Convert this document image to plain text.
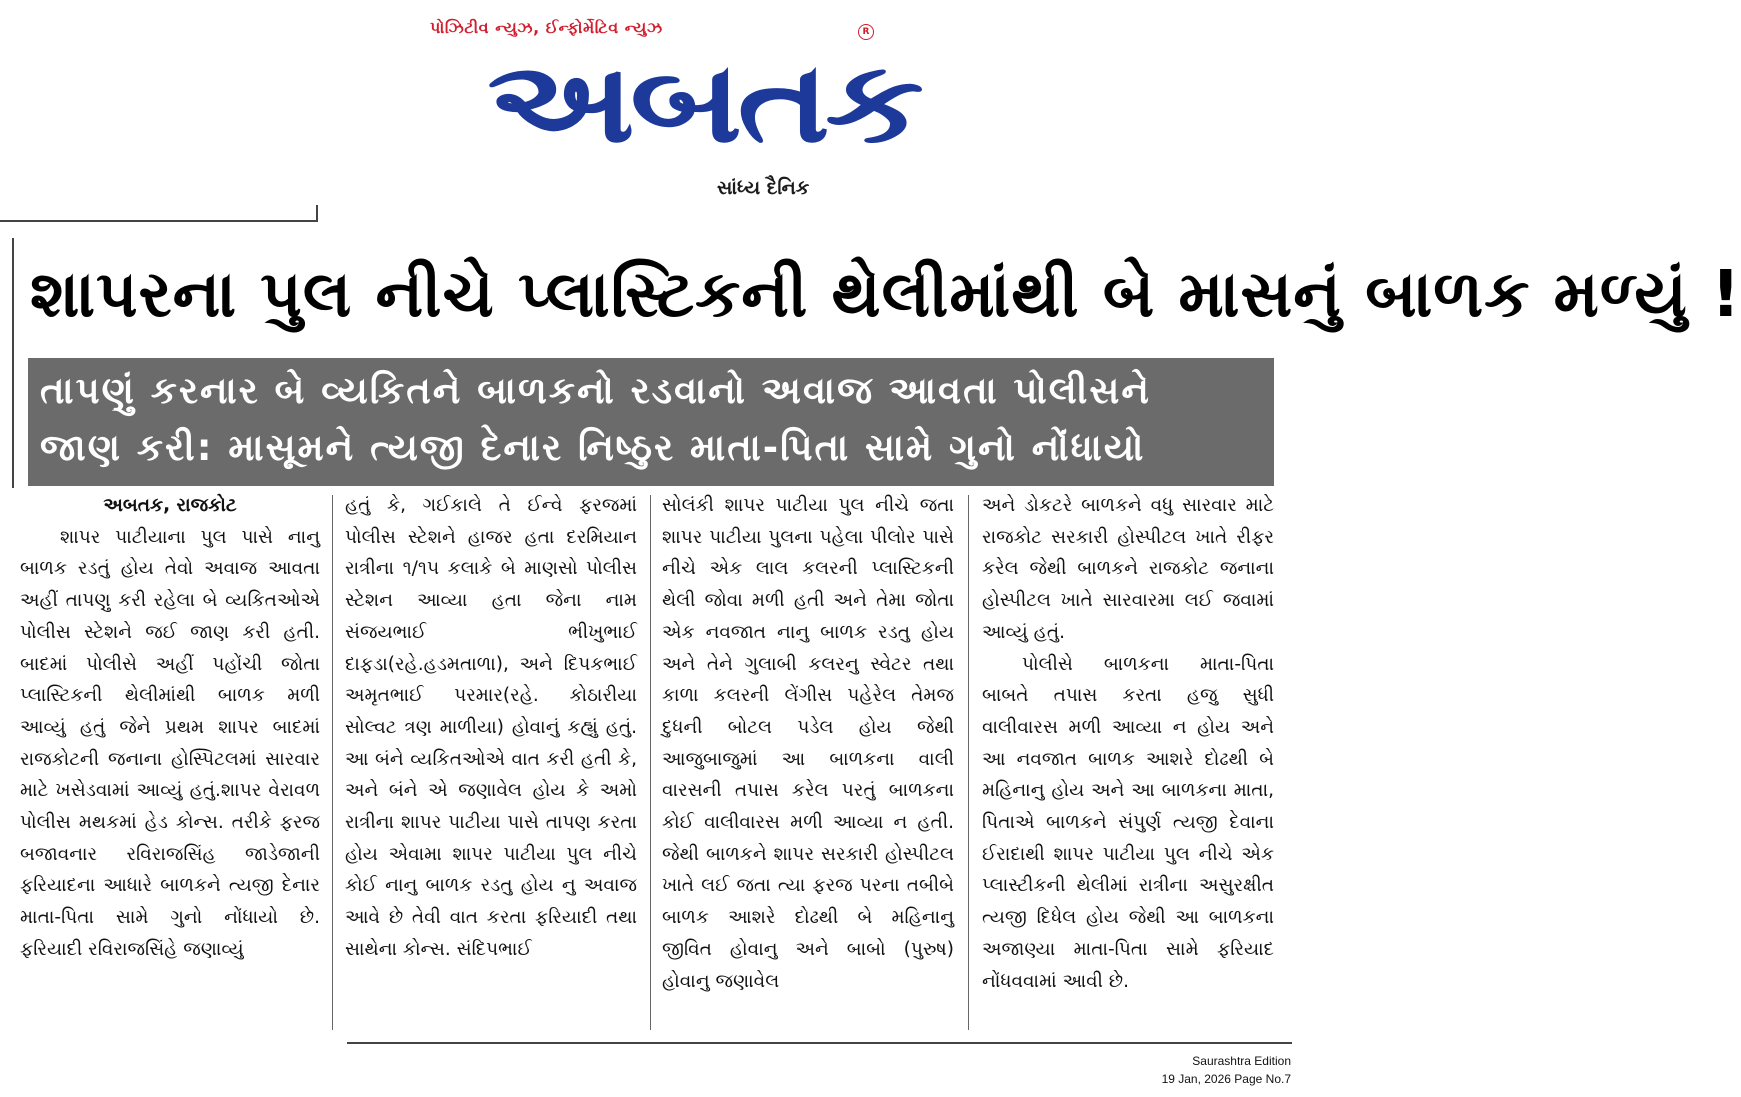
પોઝિટીવ ન્યુઝ, ઈન્ફોર્મેટિવ ન્યુઝ	R
અબતક
સાંધ્ય દૈનિક
શાપરના પુલ નીચે પ્લાસ્ટિકની થેલીમાંથી બે માસનું બાળક મળ્યું !
તાપણું કરનાર બે વ્યકિતને બાળકનો રડવાનો અવાજ આવતા પોલીસને
જાણ કરી: માસૂમને ત્યજી દેનાર નિષ્ઠુર માતા-પિતા સામે ગુનો નોંધાયો

અબતક, રાજકોટ

શાપર પાટીયાના પુલ પાસે નાનુ બાળક રડતું હોય તેવો અવાજ આવતા અહીં તાપણુ કરી રહેલા બે વ્યકિતઓએ પોલીસ સ્ટેશને જઈ જાણ કરી હતી. બાદમાં પોલીસે અહીં પહોંચી જોતા પ્લાસ્ટિકની થેલીમાંથી બાળક મળી આવ્યું હતું જેને પ્રથમ શાપર બાદમાં રાજકોટની જનાના હોસ્પિટલમાં સારવાર માટે ખસેડવામાં આવ્યું હતું.શાપર વેરાવળ પોલીસ મથકમાં હેડ કોન્સ. તરીકે ફરજ બજાવનાર રવિરાજસિંહ જાડેજાની ફરિયાદના આધારે બાળકને ત્યજી દેનાર માતા-પિતા સામે ગુનો નોંધાયો છે. ફરિયાદી રવિરાજસિંહે જણાવ્યું

હતું કે, ગઈકાલે તે ઈન્વે ફરજમાં પોલીસ સ્ટેશને હાજર હતા દરમિયાન રાત્રીના ૧/૧૫ કલાકે બે માણસો પોલીસ સ્ટેશન આવ્યા હતા જેના નામ સંજયભાઈ ભીખુભાઈ દાફડા(રહે.હડમતાળા), અને દિપકભાઈ અમૃતભાઈ પરમાર(રહે. કોઠારીયા સોલ્વટ ત્રણ માળીયા) હોવાનું કહ્યું હતું. આ બંને વ્યકિતઓએ વાત કરી હતી કે, અને બંને એ જણાવેલ હોય કે અમો રાત્રીના શાપર પાટીયા પાસે તાપણ કરતા હોય એવામા શાપર પાટીયા પુલ નીચે કોઈ નાનુ બાળક રડતુ હોય નુ અવાજ આવે છે તેવી વાત કરતા ફરિયાદી તથા સાથેના કોન્સ. સંદિપભાઈ

સોલંકી શાપર પાટીયા પુલ નીચે જતા શાપર પાટીયા પુલના પહેલા પીલોર પાસે નીચે એક લાલ કલરની પ્લાસ્ટિકની થેલી જોવા મળી હતી અને તેમા જોતા એક નવજાત નાનુ બાળક રડતુ હોય અને તેને ગુલાબી કલરનુ સ્વેટર તથા કાળા કલરની લેંગીસ પહેરેલ તેમજ દુધની બોટલ પડેલ હોય જેથી આજુબાજુમાં આ બાળકના વાલી વારસની તપાસ કરેલ પરતું બાળકના કોઈ વાલીવારસ મળી આવ્યા ન હતી. જેથી બાળકને શાપર સરકારી હોસ્પીટલ ખાતે લઈ જતા ત્યા ફરજ પરના તબીબે બાળક આશરે દોઢથી બે મહિનાનુ જીવિત હોવાનુ અને બાબો (પુરુષ) હોવાનુ જણાવેલ

અને ડોકટરે બાળકને વધુ સારવાર માટે રાજકોટ સરકારી હોસ્પીટલ ખાતે રીફર કરેલ જેથી બાળકને રાજકોટ જનાના હોસ્પીટલ ખાતે સારવારમા લઈ જવામાં આવ્યું હતું.

પોલીસે બાળકના માતા-પિતા બાબતે તપાસ કરતા હજુ સુધી વાલીવારસ મળી આવ્યા ન હોય અને આ નવજાત બાળક આશરે દોઢથી બે મહિનાનુ હોય અને આ બાળકના માતા, પિતાએ બાળકને સંપુર્ણ ત્યજી દેવાના ઈરાદાથી શાપર પાટીયા પુલ નીચે એક પ્લાસ્ટીકની થેલીમાં રાત્રીના અસુરક્ષીત ત્યજી દિધેલ હોય જેથી આ બાળકના અજાણ્યા માતા-પિતા સામે ફરિયાદ નોંધવવામાં આવી છે.

Saurashtra Edition
19 Jan, 2026 Page No.7
